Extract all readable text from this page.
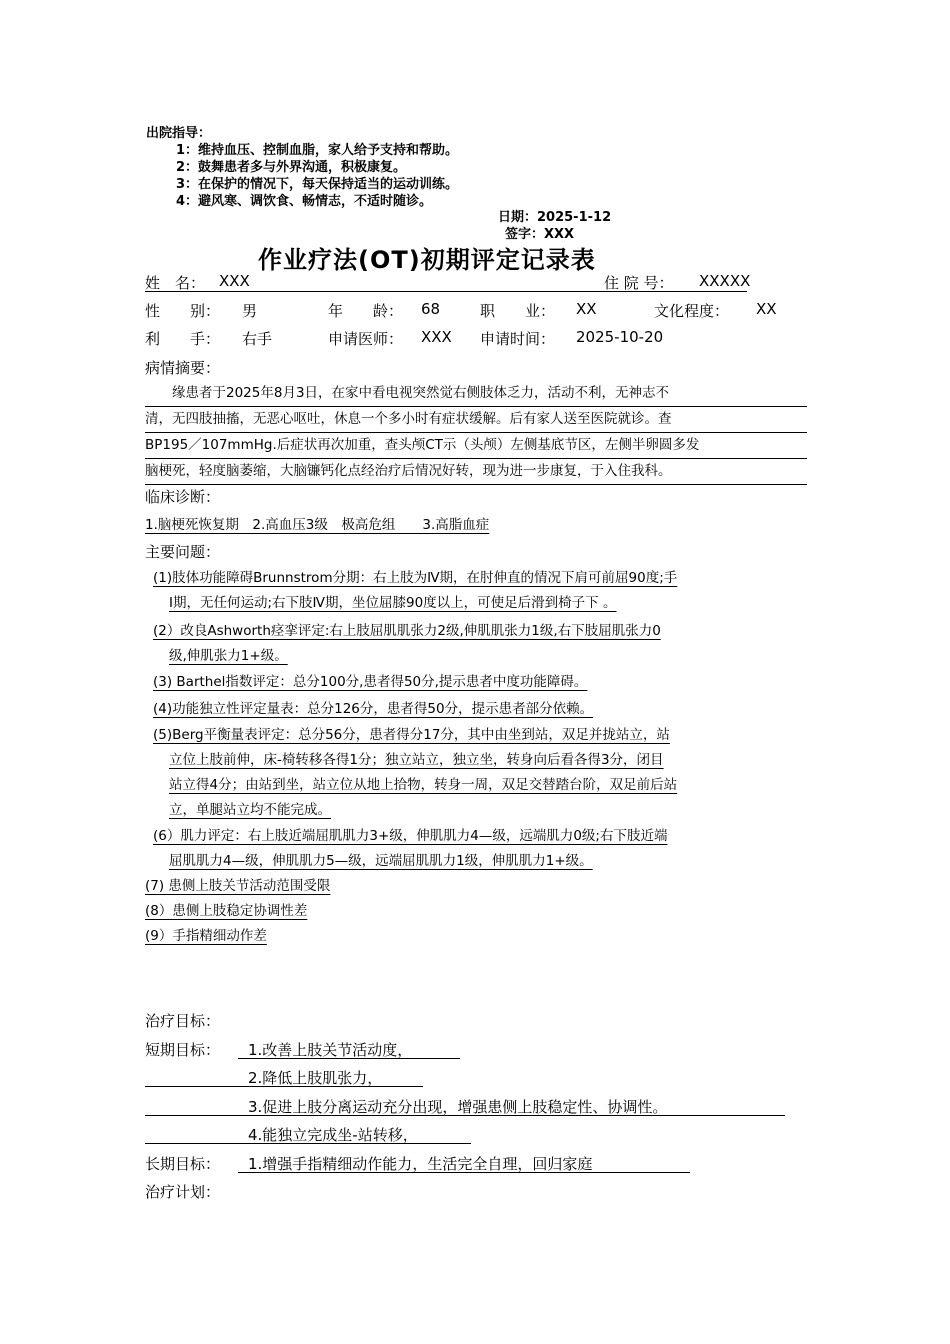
出院指导：
1：维持血压、控制血脂，家人给予支持和帮助。
2：鼓舞患者多与外界沟通，积极康复。
3：在保护的情况下，每天保持适当的运动训练。
4：避风寒、调饮食、畅情志，不适时随诊。
日期：2025-1-12
签字：XXX
作业疗法(OT)初期评定记录表
姓　名： XXX	住 院 号： XXXXX
性　　别： 男	年　　龄： 68	职　　业： XX	文化程度： XX
利　　手： 右手	申请医师： XXX 申请时间： 2025-10-20
病情摘要：
　　缘患者于2025年8月3日，在家中看电视突然觉右侧肢体乏力，活动不利，无神志不
清，无四肢抽搐，无恶心呕吐，休息一个多小时有症状缓解。后有家人送至医院就诊。查
BP195／107mmHg.后症状再次加重，查头颅CT示（头颅）左侧基底节区，左侧半卵圆多发
脑梗死，轻度脑萎缩，大脑镰钙化点经治疗后情况好转，现为进一步康复，于入住我科。
临床诊断：
1.脑梗死恢复期　2.高血压3级　极高危组　　3.高脂血症
主要问题：
(1)肢体功能障碍Brunnstrom分期：右上肢为Ⅳ期，在肘伸直的情况下肩可前屈90度;手
Ⅰ期，无任何运动;右下肢Ⅳ期，坐位屈膝90度以上，可使足后滑到椅子下 。
(2）改良Ashworth痉挛评定:右上肢屈肌肌张力2级,伸肌肌张力1级,右下肢屈肌张力0
级,伸肌张力1+级。
(3) Barthel指数评定：总分100分,患者得50分,提示患者中度功能障碍。
(4)功能独立性评定量表：总分126分，患者得50分，提示患者部分依赖。
(5)Berg平衡量表评定：总分56分，患者得分17分，其中由坐到站，双足并拢站立，站
立位上肢前伸，床-椅转移各得1分；独立站立，独立坐，转身向后看各得3分，闭目
站立得4分；由站到坐，站立位从地上拾物，转身一周，双足交替踏台阶，双足前后站
立，单腿站立均不能完成。
(6）肌力评定：右上肢近端屈肌肌力3+级，伸肌肌力4—级，远端肌力0级;右下肢近端
屈肌肌力4—级，伸肌肌力5—级，远端屈肌肌力1级，伸肌肌力1+级。
(7) 患侧上肢关节活动范围受限
(8）患侧上肢稳定协调性差
(9）手指精细动作差
治疗目标：
短期目标： 1.改善上肢关节活动度，
2.降低上肢肌张力，
3.促进上肢分离运动充分出现，增强患侧上肢稳定性、协调性。
4.能独立完成坐-站转移，
长期目标： 1.增强手指精细动作能力，生活完全自理，回归家庭
治疗计划：
